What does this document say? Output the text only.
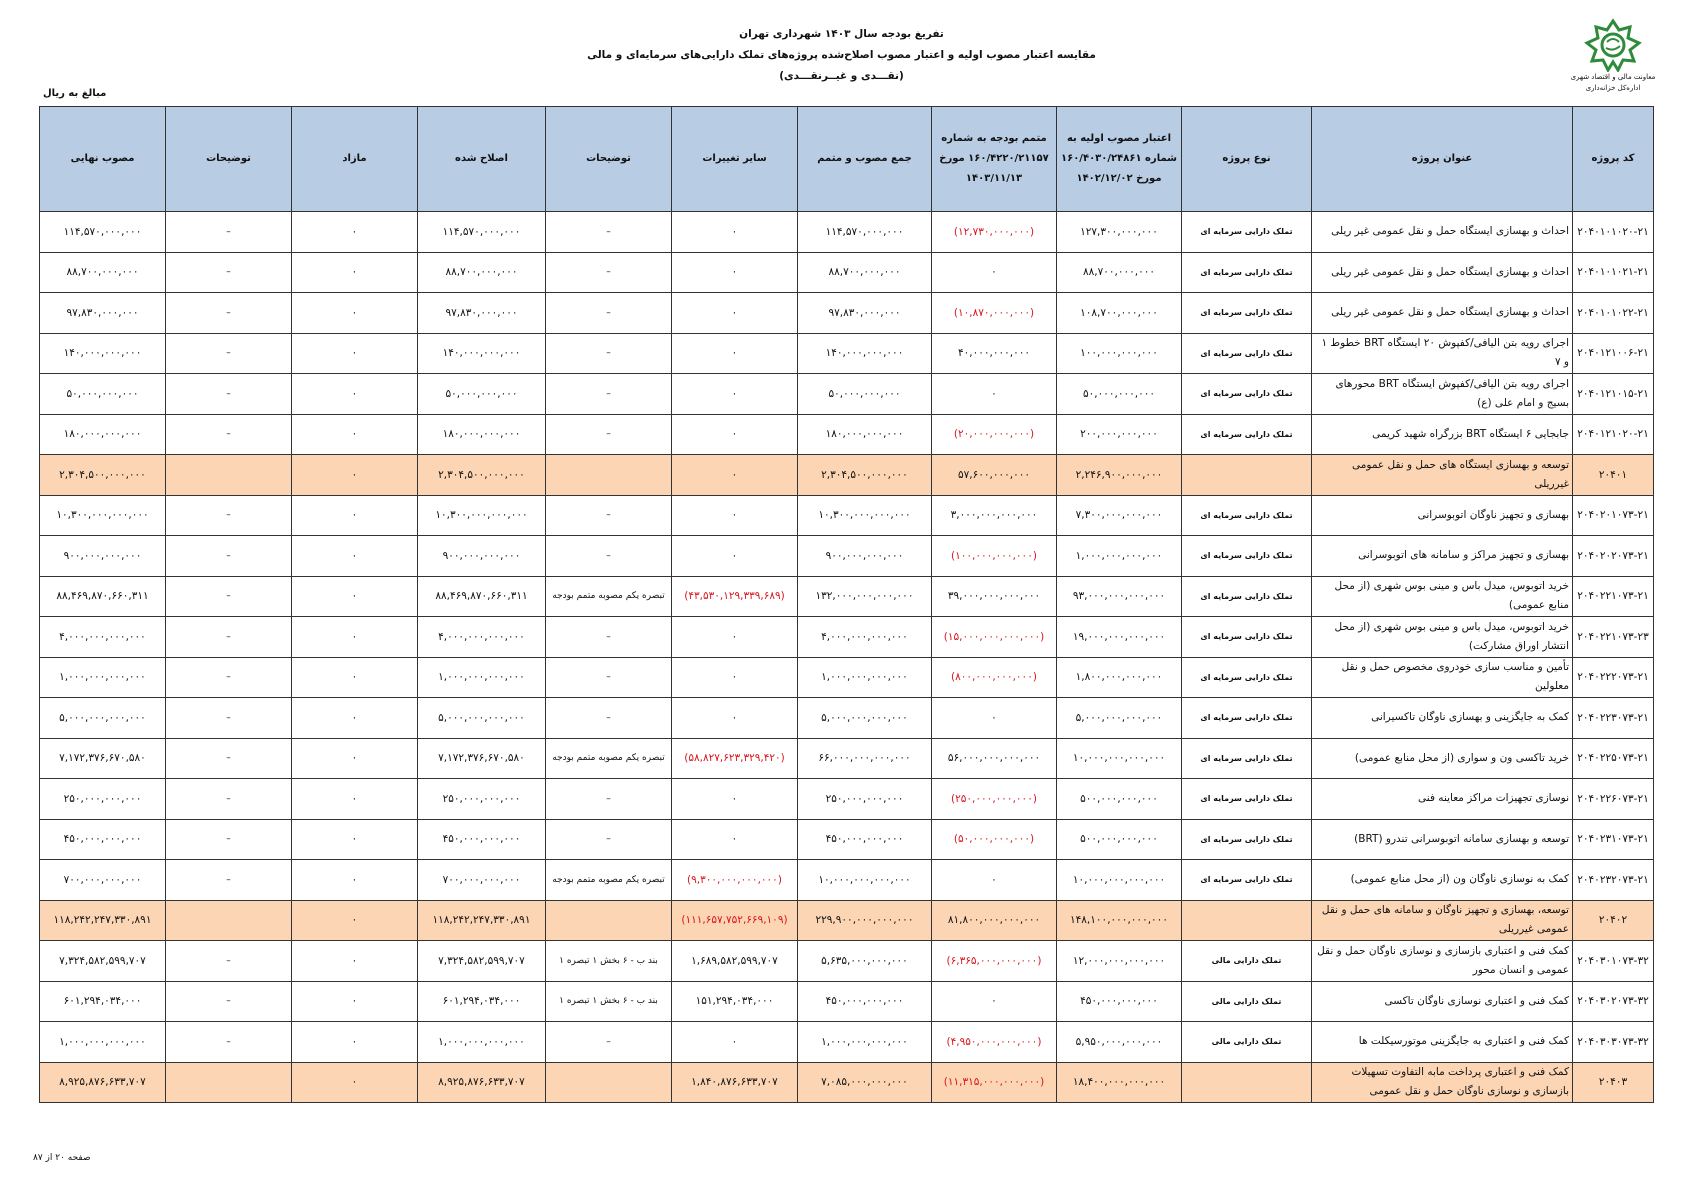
معاونت مالی و اقتصاد شهری
اداره‌کل خزانه‌داری
تفریغ بودجه سال ۱۴۰۳ شهرداری تهران
مقایسه اعتبار مصوب اولیه و اعتبار مصوب اصلاح‌شده پروژه‌های تملک دارایی‌های سرمایه‌ای و مالی
(نقـــدی و غیــرنقـــدی)
مبالغ به ریال
کد پروژه	عنوان پروژه	نوع پروژه	اعتبار مصوب اولیه به شماره ۱۶۰/۴۰۳۰/۲۴۸۶۱ مورخ ۱۴۰۲/۱۲/۰۲	متمم بودجه به شماره ۱۶۰/۴۲۲۰/۲۱۱۵۷ مورخ ۱۴۰۳/۱۱/۱۳	جمع مصوب و متمم	سایر تغییرات	توضیحات	اصلاح شده	مازاد	توضیحات	مصوب نهایی
۲۰۴۰۱۰۱۰۲۰-۲۱	احداث و بهسازی ایستگاه حمل و نقل عمومی غیر ریلی	تملک دارایی سرمایه ای	۱۲۷,۳۰۰,۰۰۰,۰۰۰	(۱۲,۷۳۰,۰۰۰,۰۰۰)	۱۱۴,۵۷۰,۰۰۰,۰۰۰	۰	–	۱۱۴,۵۷۰,۰۰۰,۰۰۰	۰	–	۱۱۴,۵۷۰,۰۰۰,۰۰۰
۲۰۴۰۱۰۱۰۲۱-۲۱	احداث و بهسازی ایستگاه حمل و نقل عمومی غیر ریلی	تملک دارایی سرمایه ای	۸۸,۷۰۰,۰۰۰,۰۰۰	۰	۸۸,۷۰۰,۰۰۰,۰۰۰	۰	–	۸۸,۷۰۰,۰۰۰,۰۰۰	۰	–	۸۸,۷۰۰,۰۰۰,۰۰۰
۲۰۴۰۱۰۱۰۲۲-۲۱	احداث و بهسازی ایستگاه حمل و نقل عمومی غیر ریلی	تملک دارایی سرمایه ای	۱۰۸,۷۰۰,۰۰۰,۰۰۰	(۱۰,۸۷۰,۰۰۰,۰۰۰)	۹۷,۸۳۰,۰۰۰,۰۰۰	۰	–	۹۷,۸۳۰,۰۰۰,۰۰۰	۰	–	۹۷,۸۳۰,۰۰۰,۰۰۰
۲۰۴۰۱۲۱۰۰۶-۲۱	اجرای رویه بتن الیافی/کفپوش ۲۰ ایستگاه BRT خطوط ۱ و ۷	تملک دارایی سرمایه ای	۱۰۰,۰۰۰,۰۰۰,۰۰۰	۴۰,۰۰۰,۰۰۰,۰۰۰	۱۴۰,۰۰۰,۰۰۰,۰۰۰	۰	–	۱۴۰,۰۰۰,۰۰۰,۰۰۰	۰	–	۱۴۰,۰۰۰,۰۰۰,۰۰۰
۲۰۴۰۱۲۱۰۱۵-۲۱	اجرای رویه بتن الیافی/کفپوش ایستگاه BRT محورهای بسیج و امام علی (ع)	تملک دارایی سرمایه ای	۵۰,۰۰۰,۰۰۰,۰۰۰	۰	۵۰,۰۰۰,۰۰۰,۰۰۰	۰	–	۵۰,۰۰۰,۰۰۰,۰۰۰	۰	–	۵۰,۰۰۰,۰۰۰,۰۰۰
۲۰۴۰۱۲۱۰۲۰-۲۱	جابجایی ۶ ایستگاه BRT بزرگراه شهید کریمی	تملک دارایی سرمایه ای	۲۰۰,۰۰۰,۰۰۰,۰۰۰	(۲۰,۰۰۰,۰۰۰,۰۰۰)	۱۸۰,۰۰۰,۰۰۰,۰۰۰	۰	–	۱۸۰,۰۰۰,۰۰۰,۰۰۰	۰	–	۱۸۰,۰۰۰,۰۰۰,۰۰۰
۲۰۴۰۱	توسعه و بهسازی ایستگاه های حمل و نقل عمومی غیرریلی		۲,۲۴۶,۹۰۰,۰۰۰,۰۰۰	۵۷,۶۰۰,۰۰۰,۰۰۰	۲,۳۰۴,۵۰۰,۰۰۰,۰۰۰	۰		۲,۳۰۴,۵۰۰,۰۰۰,۰۰۰	۰		۲,۳۰۴,۵۰۰,۰۰۰,۰۰۰
۲۰۴۰۲۰۱۰۷۳-۲۱	بهسازی و تجهیز ناوگان اتوبوسرانی	تملک دارایی سرمایه ای	۷,۳۰۰,۰۰۰,۰۰۰,۰۰۰	۳,۰۰۰,۰۰۰,۰۰۰,۰۰۰	۱۰,۳۰۰,۰۰۰,۰۰۰,۰۰۰	۰	–	۱۰,۳۰۰,۰۰۰,۰۰۰,۰۰۰	۰	–	۱۰,۳۰۰,۰۰۰,۰۰۰,۰۰۰
۲۰۴۰۲۰۲۰۷۳-۲۱	بهسازی و تجهیز مراکز و سامانه های اتوبوسرانی	تملک دارایی سرمایه ای	۱,۰۰۰,۰۰۰,۰۰۰,۰۰۰	(۱۰۰,۰۰۰,۰۰۰,۰۰۰)	۹۰۰,۰۰۰,۰۰۰,۰۰۰	۰	–	۹۰۰,۰۰۰,۰۰۰,۰۰۰	۰	–	۹۰۰,۰۰۰,۰۰۰,۰۰۰
۲۰۴۰۲۲۱۰۷۳-۲۱	خرید اتوبوس، میدل باس و مینی بوس شهری (از محل منابع عمومی)	تملک دارایی سرمایه ای	۹۳,۰۰۰,۰۰۰,۰۰۰,۰۰۰	۳۹,۰۰۰,۰۰۰,۰۰۰,۰۰۰	۱۳۲,۰۰۰,۰۰۰,۰۰۰,۰۰۰	(۴۳,۵۳۰,۱۲۹,۳۳۹,۶۸۹)	تبصره یکم مصوبه متمم بودجه	۸۸,۴۶۹,۸۷۰,۶۶۰,۳۱۱	۰	–	۸۸,۴۶۹,۸۷۰,۶۶۰,۳۱۱
۲۰۴۰۲۲۱۰۷۳-۲۳	خرید اتوبوس، میدل باس و مینی بوس شهری (از محل انتشار اوراق مشارکت)	تملک دارایی سرمایه ای	۱۹,۰۰۰,۰۰۰,۰۰۰,۰۰۰	(۱۵,۰۰۰,۰۰۰,۰۰۰,۰۰۰)	۴,۰۰۰,۰۰۰,۰۰۰,۰۰۰	۰	–	۴,۰۰۰,۰۰۰,۰۰۰,۰۰۰	۰	–	۴,۰۰۰,۰۰۰,۰۰۰,۰۰۰
۲۰۴۰۲۲۲۰۷۳-۲۱	تأمین و مناسب سازی خودروی مخصوص حمل و نقل معلولین	تملک دارایی سرمایه ای	۱,۸۰۰,۰۰۰,۰۰۰,۰۰۰	(۸۰۰,۰۰۰,۰۰۰,۰۰۰)	۱,۰۰۰,۰۰۰,۰۰۰,۰۰۰	۰	–	۱,۰۰۰,۰۰۰,۰۰۰,۰۰۰	۰	–	۱,۰۰۰,۰۰۰,۰۰۰,۰۰۰
۲۰۴۰۲۲۳۰۷۳-۲۱	کمک به جایگزینی و بهسازی ناوگان تاکسیرانی	تملک دارایی سرمایه ای	۵,۰۰۰,۰۰۰,۰۰۰,۰۰۰	۰	۵,۰۰۰,۰۰۰,۰۰۰,۰۰۰	۰	–	۵,۰۰۰,۰۰۰,۰۰۰,۰۰۰	۰	–	۵,۰۰۰,۰۰۰,۰۰۰,۰۰۰
۲۰۴۰۲۲۵۰۷۳-۲۱	خرید تاکسی ون و سواری (از محل منابع عمومی)	تملک دارایی سرمایه ای	۱۰,۰۰۰,۰۰۰,۰۰۰,۰۰۰	۵۶,۰۰۰,۰۰۰,۰۰۰,۰۰۰	۶۶,۰۰۰,۰۰۰,۰۰۰,۰۰۰	(۵۸,۸۲۷,۶۲۳,۳۲۹,۴۲۰)	تبصره یکم مصوبه متمم بودجه	۷,۱۷۲,۳۷۶,۶۷۰,۵۸۰	۰	–	۷,۱۷۲,۳۷۶,۶۷۰,۵۸۰
۲۰۴۰۲۲۶۰۷۳-۲۱	نوسازی تجهیزات مراکز معاینه فنی	تملک دارایی سرمایه ای	۵۰۰,۰۰۰,۰۰۰,۰۰۰	(۲۵۰,۰۰۰,۰۰۰,۰۰۰)	۲۵۰,۰۰۰,۰۰۰,۰۰۰	۰	–	۲۵۰,۰۰۰,۰۰۰,۰۰۰	۰	–	۲۵۰,۰۰۰,۰۰۰,۰۰۰
۲۰۴۰۲۳۱۰۷۳-۲۱	توسعه و بهسازی سامانه اتوبوسرانی تندرو (BRT)	تملک دارایی سرمایه ای	۵۰۰,۰۰۰,۰۰۰,۰۰۰	(۵۰,۰۰۰,۰۰۰,۰۰۰)	۴۵۰,۰۰۰,۰۰۰,۰۰۰	۰	–	۴۵۰,۰۰۰,۰۰۰,۰۰۰	۰	–	۴۵۰,۰۰۰,۰۰۰,۰۰۰
۲۰۴۰۲۳۲۰۷۳-۲۱	کمک به نوسازی ناوگان ون (از محل منابع عمومی)	تملک دارایی سرمایه ای	۱۰,۰۰۰,۰۰۰,۰۰۰,۰۰۰	۰	۱۰,۰۰۰,۰۰۰,۰۰۰,۰۰۰	(۹,۳۰۰,۰۰۰,۰۰۰,۰۰۰)	تبصره یکم مصوبه متمم بودجه	۷۰۰,۰۰۰,۰۰۰,۰۰۰	۰	–	۷۰۰,۰۰۰,۰۰۰,۰۰۰
۲۰۴۰۲	توسعه، بهسازی و تجهیز ناوگان و سامانه های حمل و نقل عمومی غیرریلی		۱۴۸,۱۰۰,۰۰۰,۰۰۰,۰۰۰	۸۱,۸۰۰,۰۰۰,۰۰۰,۰۰۰	۲۲۹,۹۰۰,۰۰۰,۰۰۰,۰۰۰	(۱۱۱,۶۵۷,۷۵۲,۶۶۹,۱۰۹)		۱۱۸,۲۴۲,۲۴۷,۳۳۰,۸۹۱	۰		۱۱۸,۲۴۲,۲۴۷,۳۳۰,۸۹۱
۲۰۴۰۳۰۱۰۷۳-۳۲	کمک فنی و اعتباری بازسازی و نوسازی ناوگان حمل و نقل عمومی و انسان محور	تملک دارایی مالی	۱۲,۰۰۰,۰۰۰,۰۰۰,۰۰۰	(۶,۳۶۵,۰۰۰,۰۰۰,۰۰۰)	۵,۶۳۵,۰۰۰,۰۰۰,۰۰۰	۱,۶۸۹,۵۸۲,۵۹۹,۷۰۷	بند ب - ۶ بخش ۱ تبصره ۱	۷,۳۲۴,۵۸۲,۵۹۹,۷۰۷	۰	–	۷,۳۲۴,۵۸۲,۵۹۹,۷۰۷
۲۰۴۰۳۰۲۰۷۳-۳۲	کمک فنی و اعتباری نوسازی ناوگان تاکسی	تملک دارایی مالی	۴۵۰,۰۰۰,۰۰۰,۰۰۰	۰	۴۵۰,۰۰۰,۰۰۰,۰۰۰	۱۵۱,۲۹۴,۰۳۴,۰۰۰	بند ب - ۶ بخش ۱ تبصره ۱	۶۰۱,۲۹۴,۰۳۴,۰۰۰	۰	–	۶۰۱,۲۹۴,۰۳۴,۰۰۰
۲۰۴۰۳۰۳۰۷۳-۳۲	کمک فنی و اعتباری به جایگزینی موتورسیکلت ها	تملک دارایی مالی	۵,۹۵۰,۰۰۰,۰۰۰,۰۰۰	(۴,۹۵۰,۰۰۰,۰۰۰,۰۰۰)	۱,۰۰۰,۰۰۰,۰۰۰,۰۰۰	۰	–	۱,۰۰۰,۰۰۰,۰۰۰,۰۰۰	۰	–	۱,۰۰۰,۰۰۰,۰۰۰,۰۰۰
۲۰۴۰۳	کمک فنی و اعتباری پرداخت مابه التفاوت تسهیلات بازسازی و نوسازی ناوگان حمل و نقل عمومی		۱۸,۴۰۰,۰۰۰,۰۰۰,۰۰۰	(۱۱,۳۱۵,۰۰۰,۰۰۰,۰۰۰)	۷,۰۸۵,۰۰۰,۰۰۰,۰۰۰	۱,۸۴۰,۸۷۶,۶۳۳,۷۰۷		۸,۹۲۵,۸۷۶,۶۳۳,۷۰۷	۰		۸,۹۲۵,۸۷۶,۶۳۳,۷۰۷
صفحه ۲۰ از ۸۷
